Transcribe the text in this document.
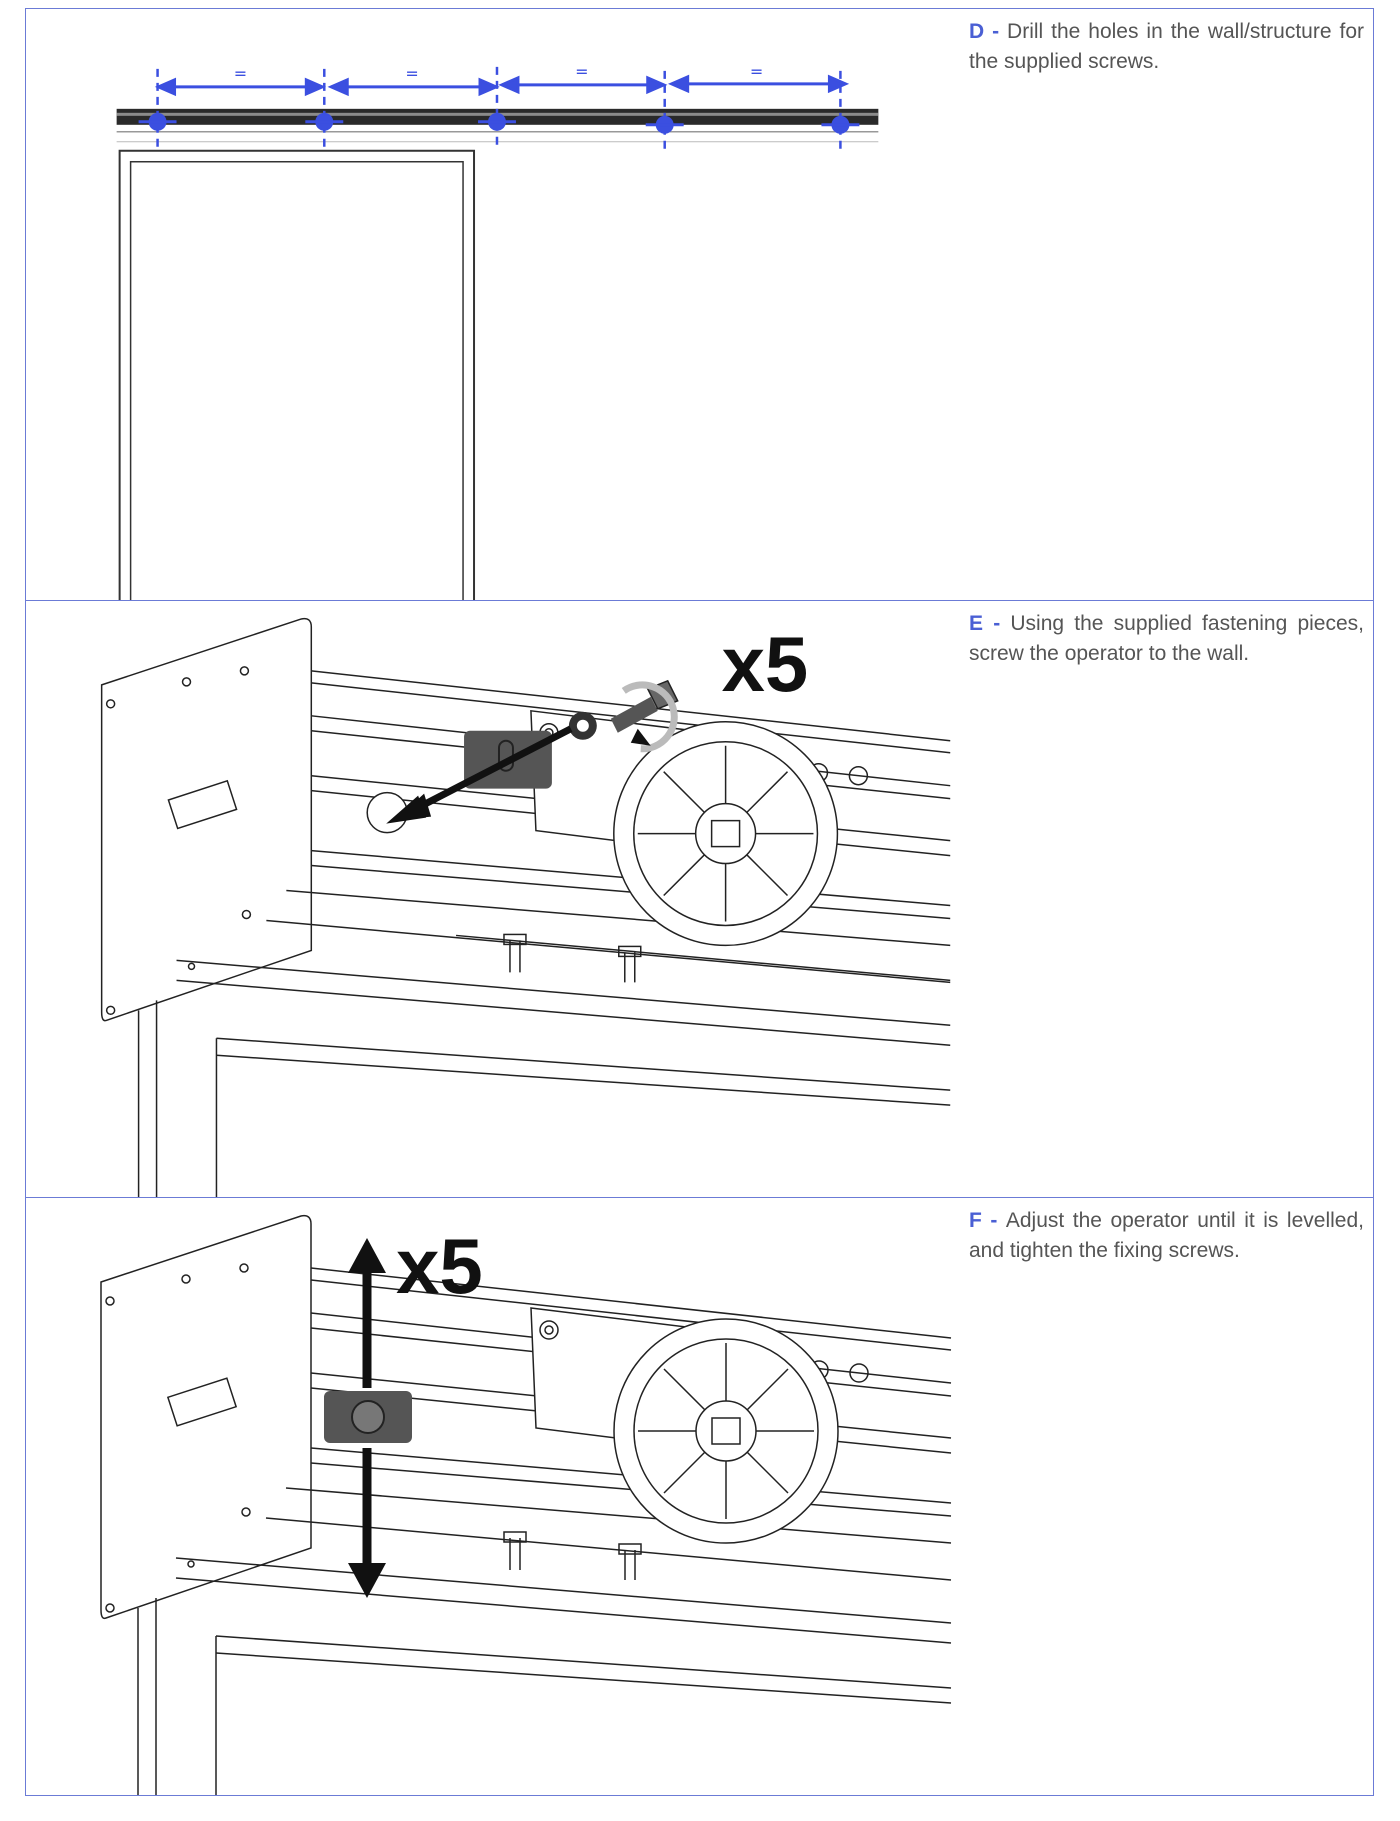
=	=	=	=
D - Drill the holes in the wall/structure for the supplied screws.
x5	E - Using the supplied fastening pieces, screw the operator to the wall.
x5
F - Adjust the operator until it is levelled, and tighten the fixing screws.
